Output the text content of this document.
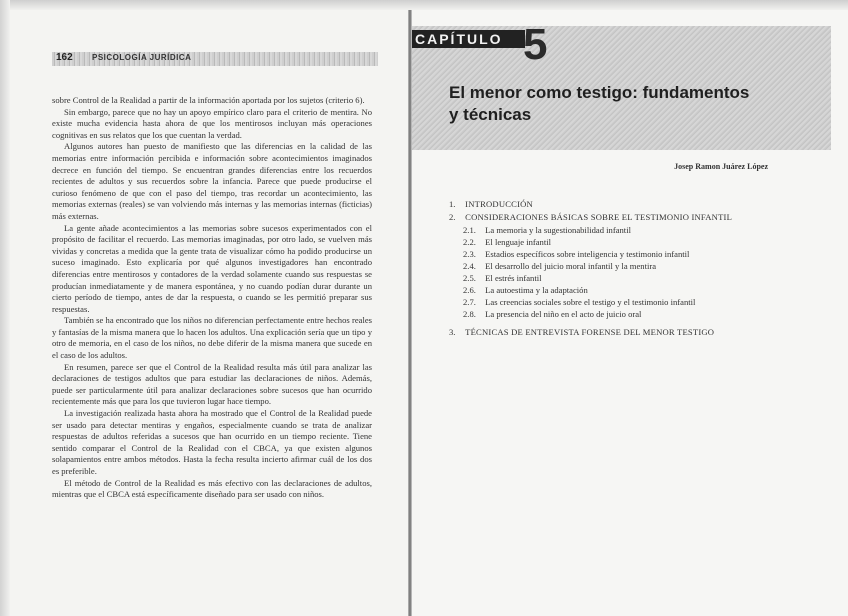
162 PSICOLOGÍA JURÍDICA

sobre Control de la Realidad a partir de la información aportada por los sujetos (criterio 6).

Sin embargo, parece que no hay un apoyo empírico claro para el criterio de mentira. No existe mucha evidencia hasta ahora de que los mentirosos incluyan más operaciones cognitivas en sus relatos que los que cuentan la verdad.

Algunos autores han puesto de manifiesto que las diferencias en la calidad de las memorias entre información percibida e información sobre acontecimientos imaginados decrece en función del tiempo. Se encuentran grandes diferencias entre los recuerdos recientes de adultos y sus recuerdos sobre la infancia. Parece que puede producirse el curioso fenómeno de que con el paso del tiempo, tras recordar un acontecimiento, las memorias externas (reales) se van volviendo más internas y las memorias internas (ficticias) más externas.

La gente añade acontecimientos a las memorias sobre sucesos experimentados con el propósito de facilitar el recuerdo. Las memorias imaginadas, por otro lado, se vuelven más vividas y concretas a medida que la gente trata de visualizar cómo ha podido producirse un suceso imaginado. Esto explicaría por qué algunos investigadores han encontrado diferencias entre mentirosos y contadores de la verdad solamente cuando sus respuestas se producían inmediatamente y de manera espontánea, y no cuando podían durar durante un cierto período de tiempo, antes de dar la respuesta, o cuando se les permitió preparar sus respuestas.

También se ha encontrado que los niños no diferencian perfectamente entre hechos reales y fantasías de la misma manera que lo hacen los adultos. Una explicación sería que un tipo y otro de memoria, en el caso de los niños, no debe diferir de la misma manera que sucede en el caso de los adultos.

En resumen, parece ser que el Control de la Realidad resulta más útil para analizar las declaraciones de testigos adultos que para estudiar las declaraciones de niños. Además, puede ser particularmente útil para analizar declaraciones sobre sucesos que han ocurrido recientemente más que para los que tuvieron lugar hace tiempo.

La investigación realizada hasta ahora ha mostrado que el Control de la Realidad puede ser usado para detectar mentiras y engaños, especialmente cuando se trata de analizar respuestas de adultos referidas a sucesos que han ocurrido en un tiempo reciente. Tiene sentido comparar el Control de la Realidad con el CBCA, ya que existen algunos solapamientos entre ambos métodos. Hasta la fecha resulta incierto afirmar cuál de los dos es preferible.

El método de Control de la Realidad es más efectivo con las declaraciones de adultos, mientras que el CBCA está específicamente diseñado para ser usado con niños.

CAPÍTULO 5
El menor como testigo: fundamentos
y técnicas
Josep Ramon Juárez López
1. INTRODUCCIÓN
2. CONSIDERACIONES BÁSICAS SOBRE EL TESTIMONIO INFANTIL
2.1. La memoria y la sugestionabilidad infantil
2.2. El lenguaje infantil
2.3. Estadios específicos sobre inteligencia y testimonio infantil
2.4. El desarrollo del juicio moral infantil y la mentira
2.5. El estrés infantil
2.6. La autoestima y la adaptación
2.7. Las creencias sociales sobre el testigo y el testimonio infantil
2.8. La presencia del niño en el acto de juicio oral
3. TÉCNICAS DE ENTREVISTA FORENSE DEL MENOR TESTIGO
